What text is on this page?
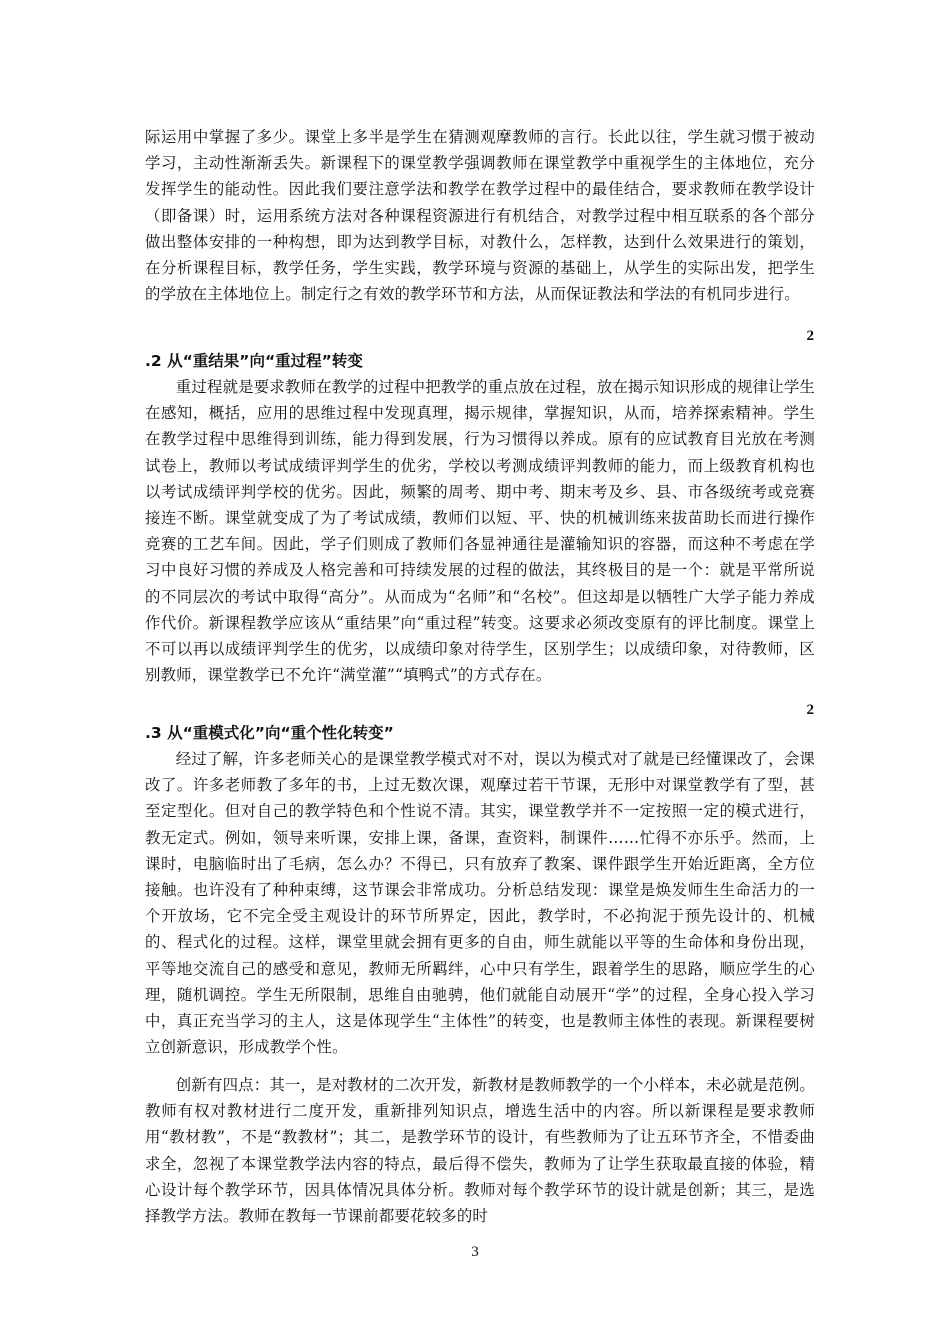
际运用中掌握了多少。课堂上多半是学生在猜测观摩教师的言行。长此以往，学生就习惯于被动学习，主动性渐渐丢失。新课程下的课堂教学强调教师在课堂教学中重视学生的主体地位，充分发挥学生的能动性。因此我们要注意学法和教学在教学过程中的最佳结合，要求教师在教学设计（即备课）时，运用系统方法对各种课程资源进行有机结合，对教学过程中相互联系的各个部分做出整体安排的一种构想，即为达到教学目标，对教什么，怎样教，达到什么效果进行的策划，在分析课程目标，教学任务，学生实践，教学环境与资源的基础上，从学生的实际出发，把学生的学放在主体地位上。制定行之有效的教学环节和方法，从而保证教法和学法的有机同步进行。

2
.2 从“重结果”向“重过程”转变

重过程就是要求教师在教学的过程中把教学的重点放在过程，放在揭示知识形成的规律让学生在感知，概括，应用的思维过程中发现真理，揭示规律，掌握知识，从而，培养探索精神。学生在教学过程中思维得到训练，能力得到发展，行为习惯得以养成。原有的应试教育目光放在考测试卷上，教师以考试成绩评判学生的优劣，学校以考测成绩评判教师的能力，而上级教育机构也以考试成绩评判学校的优劣。因此，频繁的周考、期中考、期末考及乡、县、市各级统考或竞赛接连不断。课堂就变成了为了考试成绩，教师们以短、平、快的机械训练来拔苗助长而进行操作竞赛的工艺车间。因此，学子们则成了教师们各显神通往是灌输知识的容器，而这种不考虑在学习中良好习惯的养成及人格完善和可持续发展的过程的做法，其终极目的是一个：就是平常所说的不同层次的考试中取得“高分”。从而成为“名师”和“名校”。但这却是以牺牲广大学子能力养成作代价。新课程教学应该从“重结果”向“重过程”转变。这要求必须改变原有的评比制度。课堂上不可以再以成绩评判学生的优劣，以成绩印象对待学生，区别学生；以成绩印象，对待教师，区别教师，课堂教学已不允许“满堂灌”“填鸭式”的方式存在。

2
.3 从“重模式化”向“重个性化转变”

经过了解，许多老师关心的是课堂教学模式对不对，误以为模式对了就是已经懂课改了，会课改了。许多老师教了多年的书，上过无数次课，观摩过若干节课，无形中对课堂教学有了型，甚至定型化。但对自己的教学特色和个性说不清。其实，课堂教学并不一定按照一定的模式进行，教无定式。例如，领导来听课，安排上课，备课，查资料，制课件……忙得不亦乐乎。然而，上课时，电脑临时出了毛病，怎么办？不得已，只有放弃了教案、课件跟学生开始近距离，全方位接触。也许没有了种种束缚，这节课会非常成功。分析总结发现：课堂是焕发师生生命活力的一个开放场，它不完全受主观设计的环节所界定，因此，教学时，不必拘泥于预先设计的、机械的、程式化的过程。这样，课堂里就会拥有更多的自由，师生就能以平等的生命体和身份出现，平等地交流自己的感受和意见，教师无所羁绊，心中只有学生，跟着学生的思路，顺应学生的心理，随机调控。学生无所限制，思维自由驰骋，他们就能自动展开“学”的过程，全身心投入学习中，真正充当学习的主人，这是体现学生“主体性”的转变，也是教师主体性的表现。新课程要树立创新意识，形成教学个性。

创新有四点：其一，是对教材的二次开发，新教材是教师教学的一个小样本，未必就是范例。教师有权对教材进行二度开发，重新排列知识点，增选生活中的内容。所以新课程是要求教师用“教材教”，不是“教教材”；其二，是教学环节的设计，有些教师为了让五环节齐全，不惜委曲求全，忽视了本课堂教学法内容的特点，最后得不偿失，教师为了让学生获取最直接的体验，精心设计每个教学环节，因具体情况具体分析。教师对每个教学环节的设计就是创新；其三，是选择教学方法。教师在教每一节课前都要花较多的时

3
